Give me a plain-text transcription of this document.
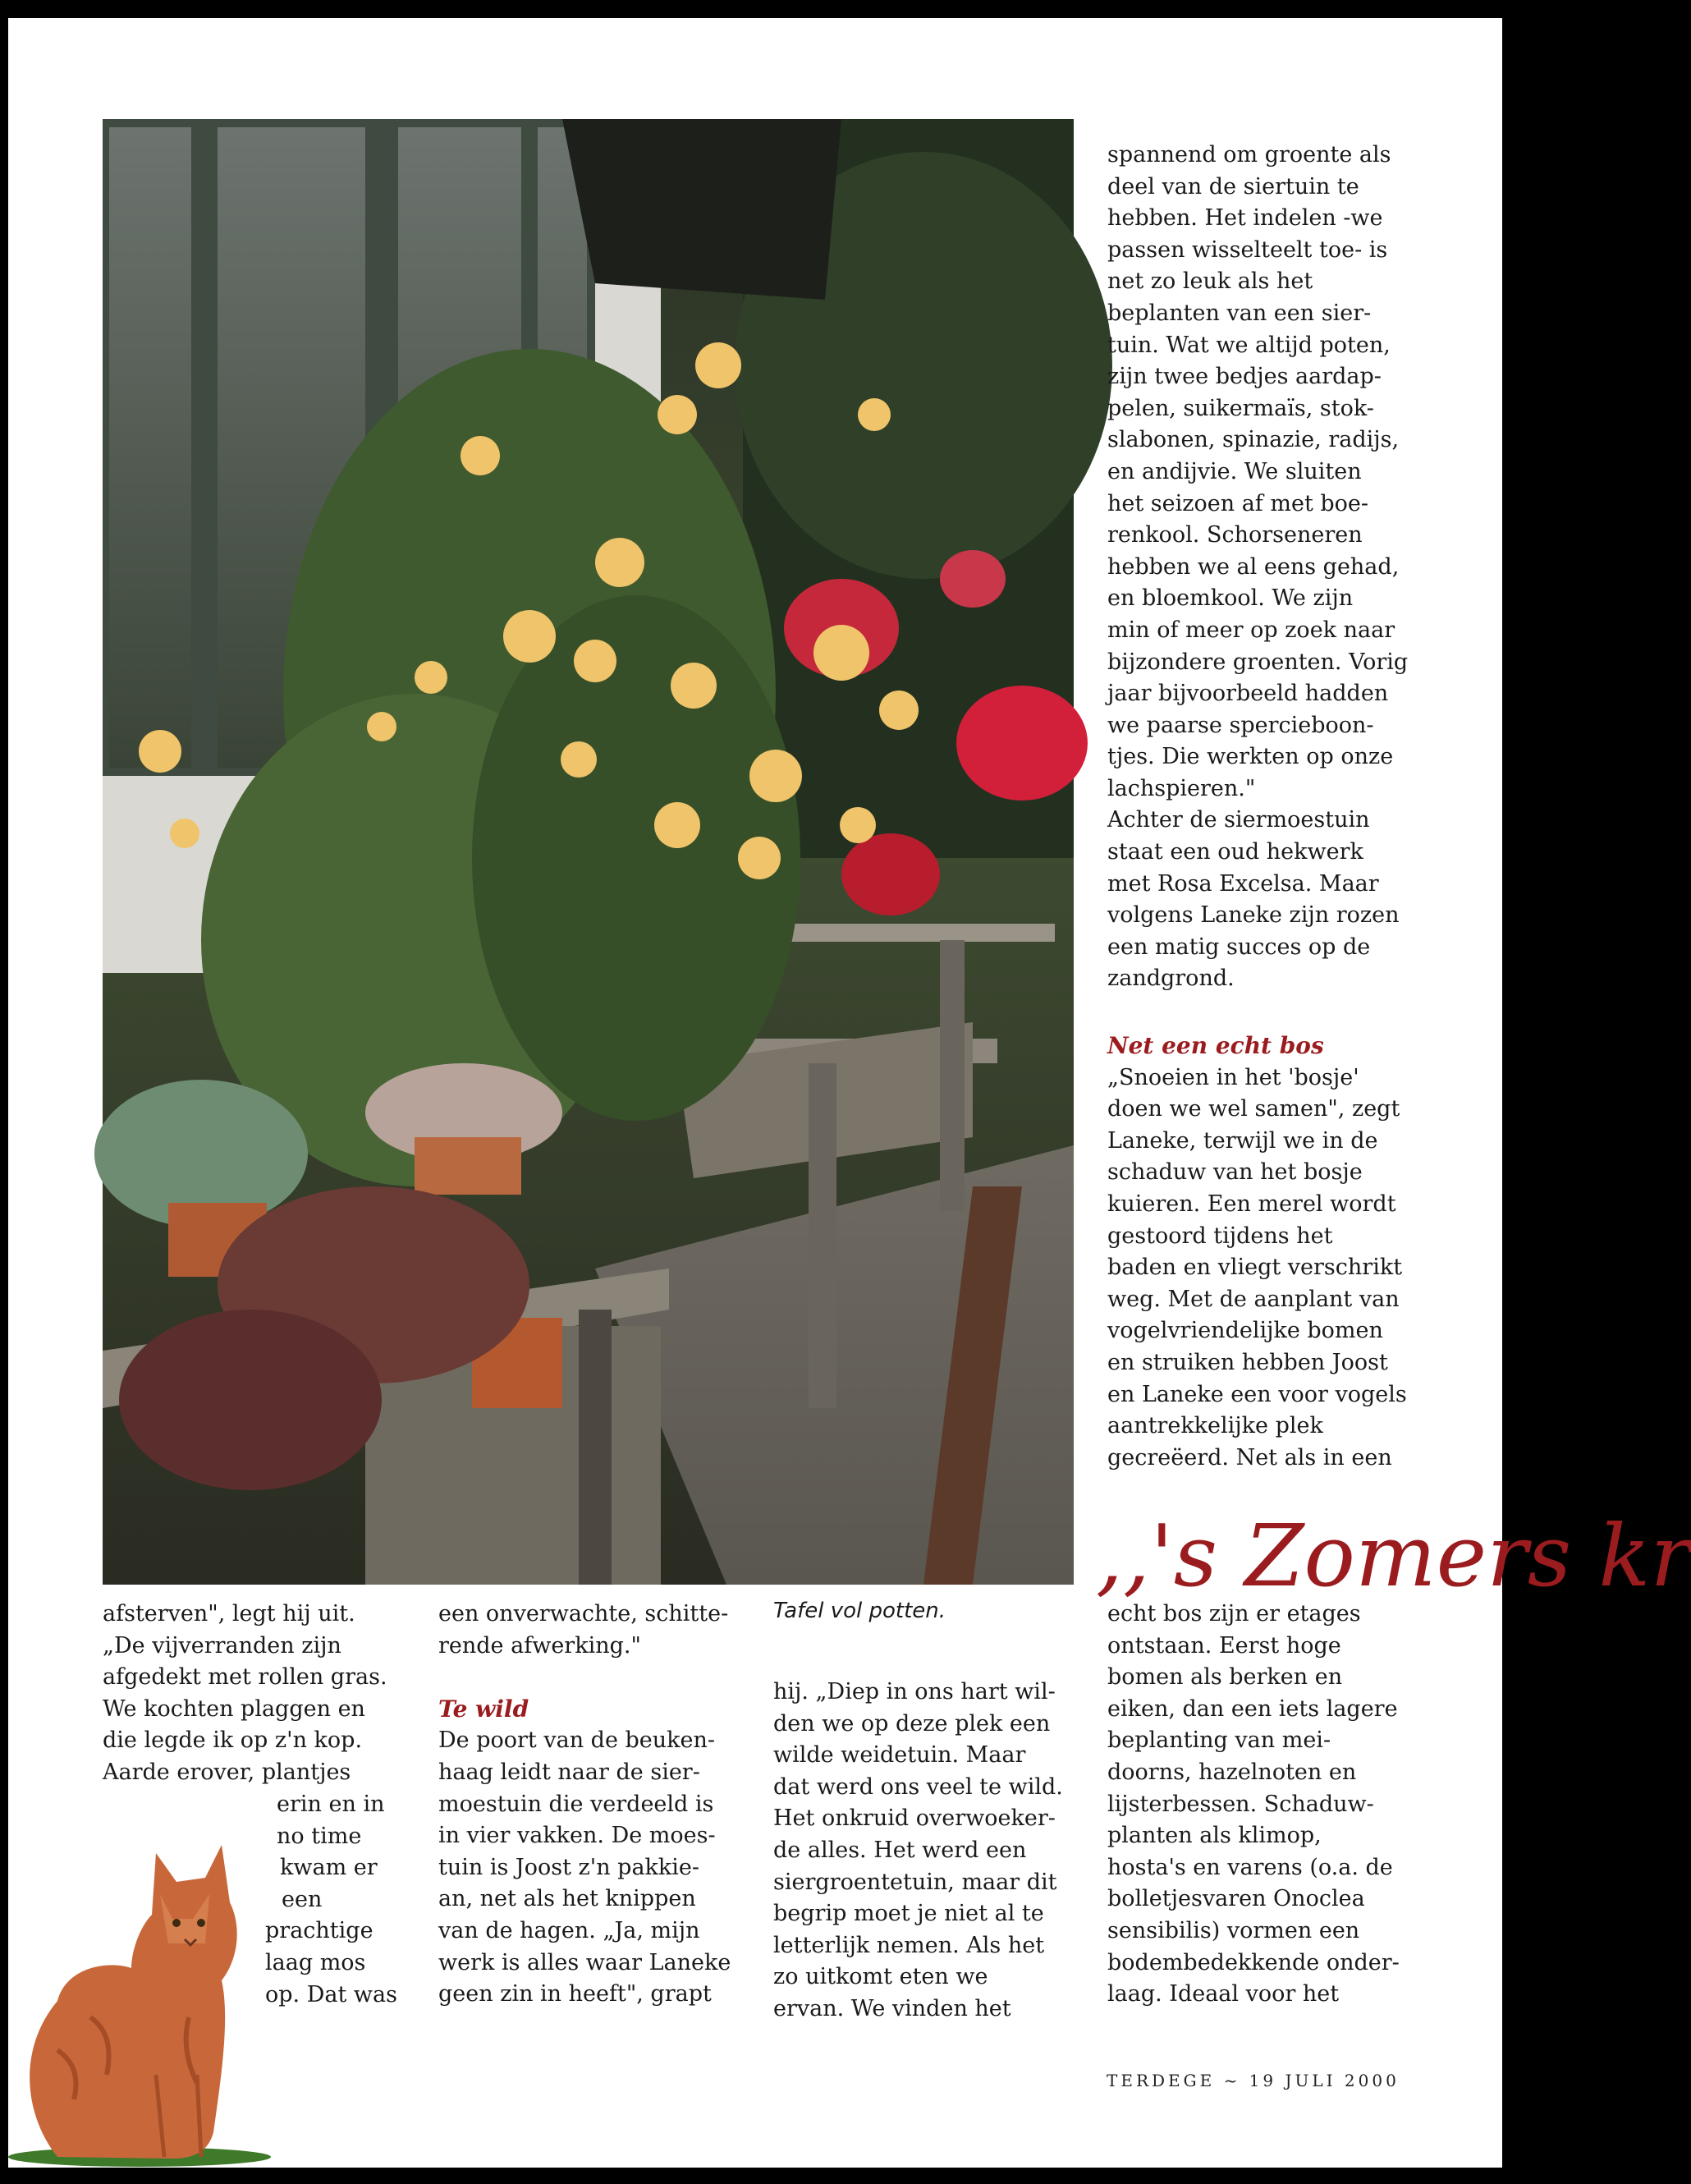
spannend om groente als
deel van de siertuin te
hebben. Het indelen -we
passen wisselteelt toe- is
net zo leuk als het
beplanten van een sier-
tuin. Wat we altijd poten,
zijn twee bedjes aardap-
pelen, suikermaïs, stok-
slabonen, spinazie, radijs,
en andijvie. We sluiten
het seizoen af met boe-
renkool. Schorseneren
hebben we al eens gehad,
en bloemkool. We zijn
min of meer op zoek naar
bijzondere groenten. Vorig
jaar bijvoorbeeld hadden
we paarse spercieboon-
tjes. Die werkten op onze
lachspieren."
Achter de siermoestuin
staat een oud hekwerk
met Rosa Excelsa. Maar
volgens Laneke zijn rozen
een matig succes op de
zandgrond.

Net een echt bos

„Snoeien in het 'bosje'
doen we wel samen", zegt
Laneke, terwijl we in de
schaduw van het bosje
kuieren. Een merel wordt
gestoord tijdens het
baden en vliegt verschrikt
weg. Met de aanplant van
vogelvriendelijke bomen
en struiken hebben Joost
en Laneke een voor vogels
aantrekkelijke plek
gecreëerd. Net als in een

,,'s Zomers kr
afsterven", legt hij uit.
„De vijverranden zijn
afgedekt met rollen gras.
We kochten plaggen en
die legde ik op z'n kop.
Aarde erover, plantjes
erin en in
no time
kwam er
een
prachtige
laag mos
op. Dat was
een onverwachte, schitte-
rende afwerking."

Te wild
De poort van de beuken-
haag leidt naar de sier-
moestuin die verdeeld is
in vier vakken. De moes-
tuin is Joost z'n pakkie-
an, net als het knippen
van de hagen. „Ja, mijn
werk is alles waar Laneke
geen zin in heeft", grapt
Tafel vol potten.
hij. „Diep in ons hart wil-
den we op deze plek een
wilde weidetuin. Maar
dat werd ons veel te wild.
Het onkruid overwoeker-
de alles. Het werd een
siergroentetuin, maar dit
begrip moet je niet al te
letterlijk nemen. Als het
zo uitkomt eten we
ervan. We vinden het
echt bos zijn er etages
ontstaan. Eerst hoge
bomen als berken en
eiken, dan een iets lagere
beplanting van mei-
doorns, hazelnoten en
lijsterbessen. Schaduw-
planten als klimop,
hosta's en varens (o.a. de
bolletjesvaren Onoclea
sensibilis) vormen een
bodembedekkende onder-
laag. Ideaal voor het
TERDEGE ~ 19 JULI 2000
